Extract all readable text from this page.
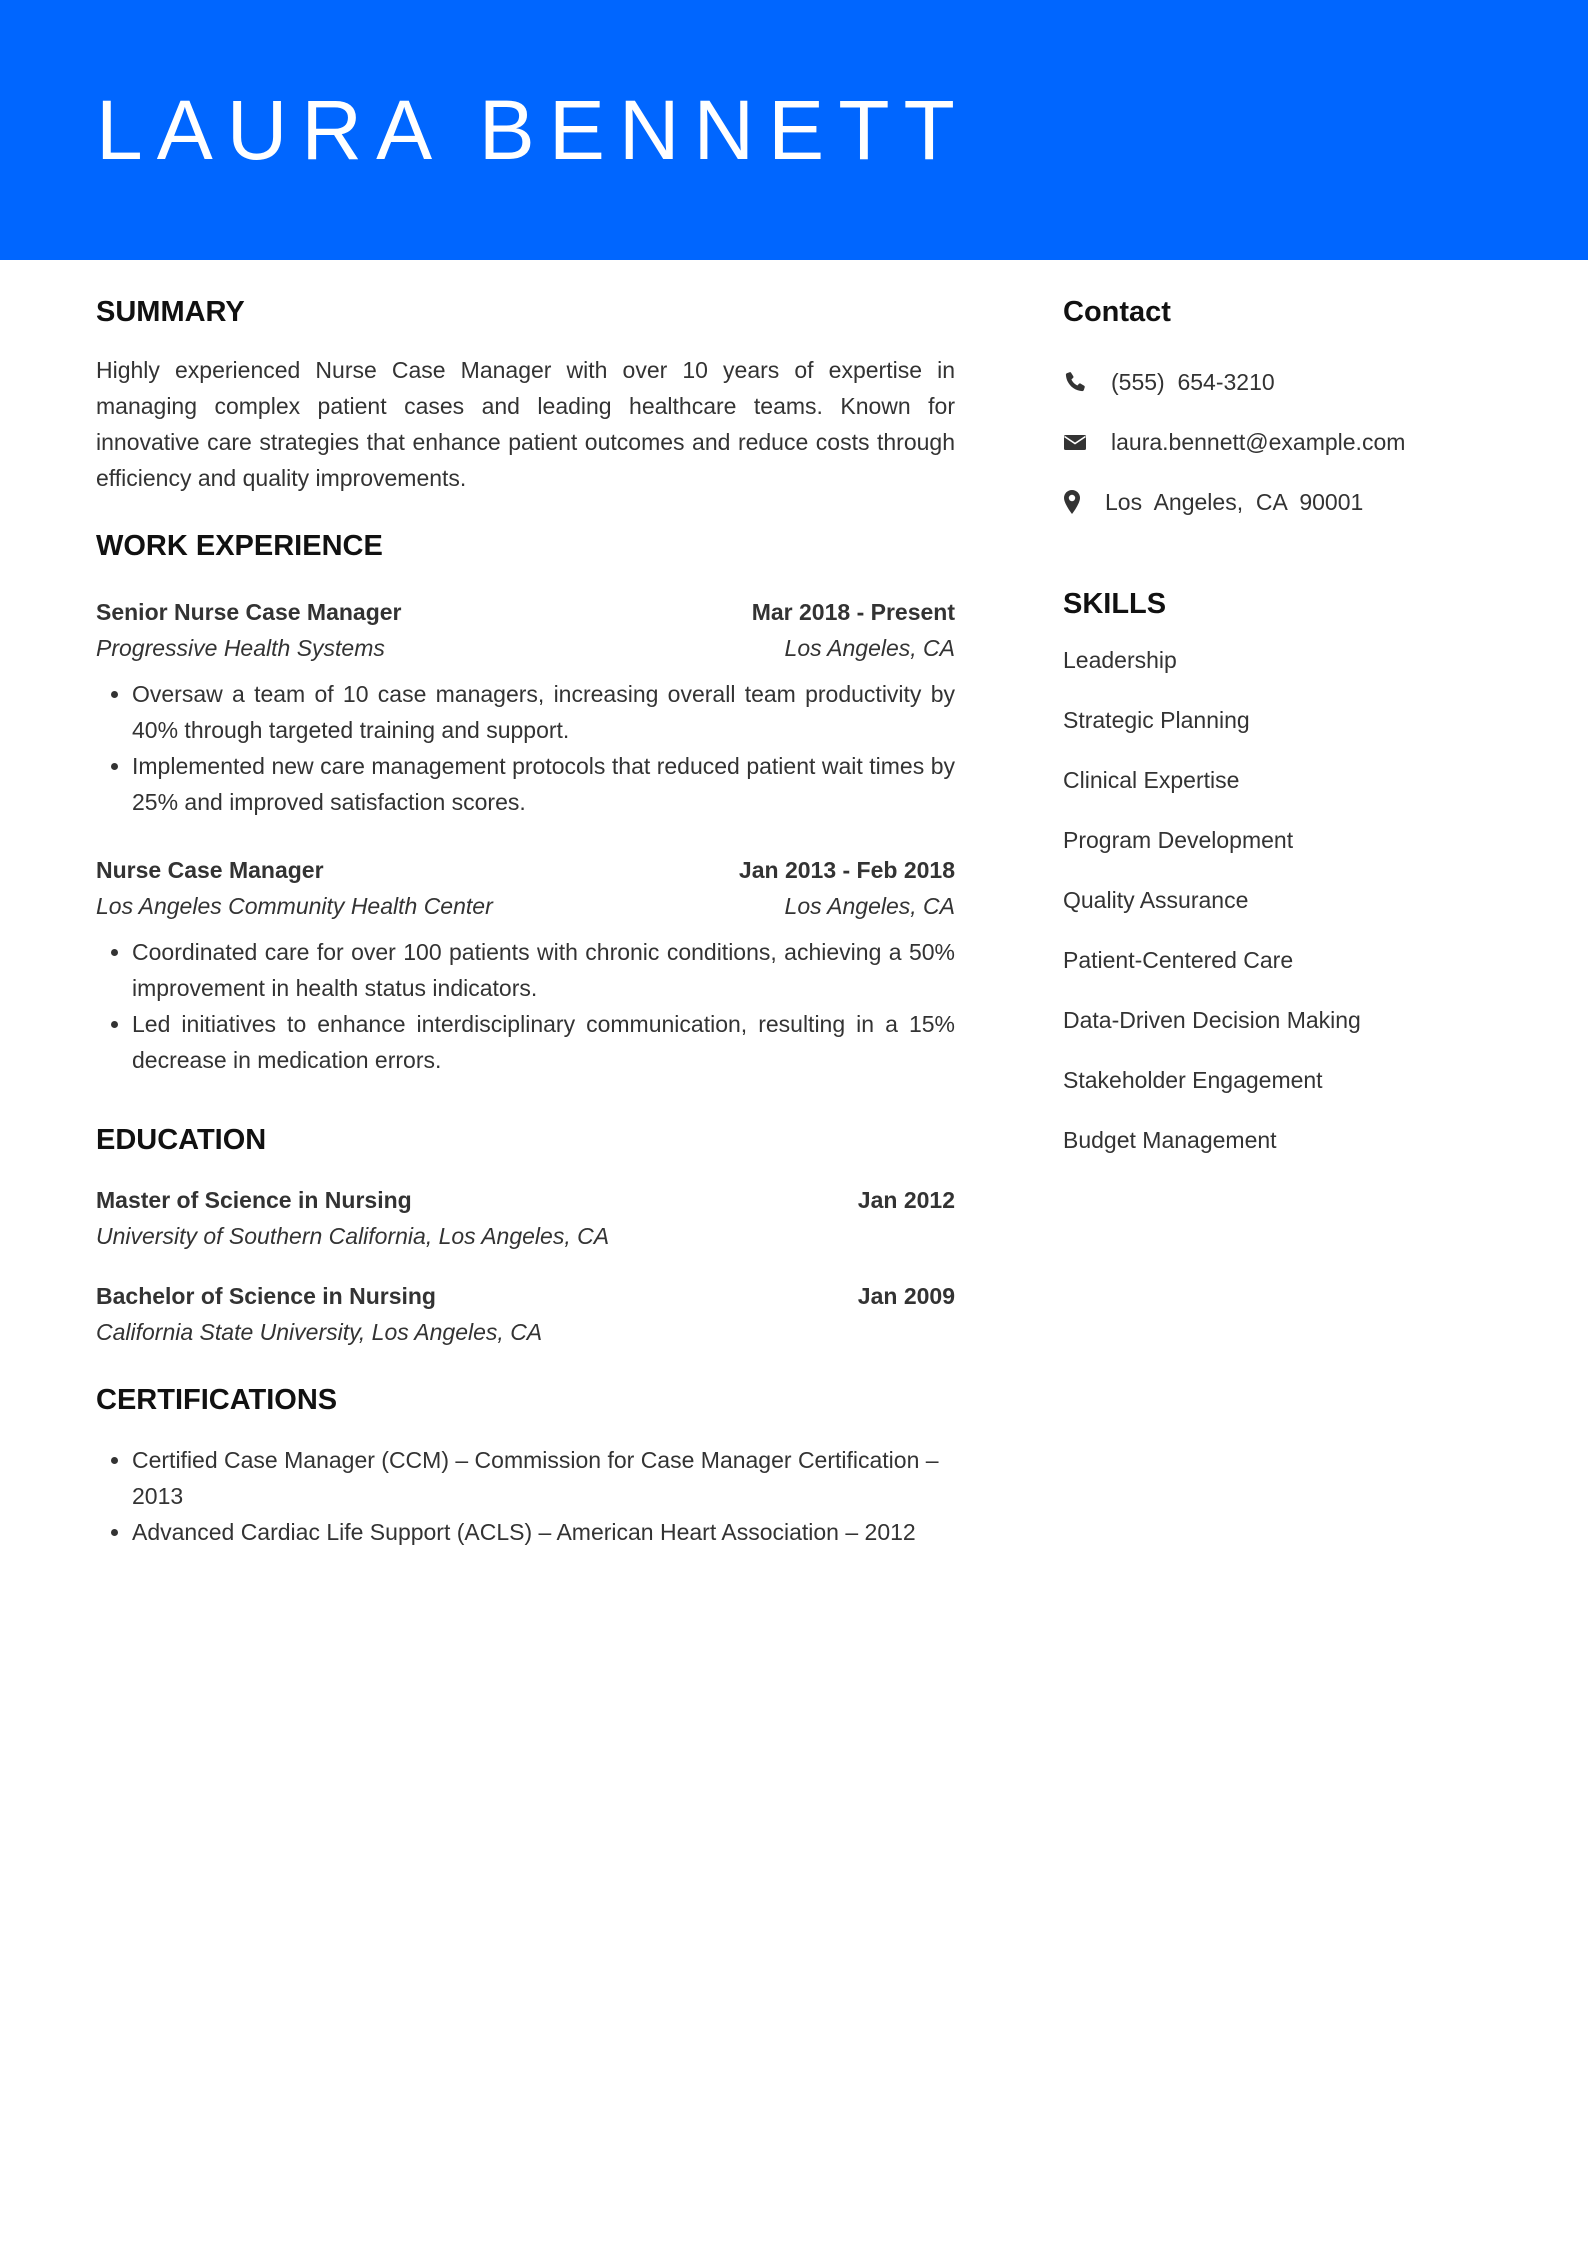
LAURA BENNETT
SUMMARY

Highly experienced Nurse Case Manager with over 10 years of expertise in managing complex patient cases and leading healthcare teams. Known for innovative care strategies that enhance patient outcomes and reduce costs through efficiency and quality improvements.

WORK EXPERIENCE
Senior Nurse Case Manager	Mar 2018 - Present
Progressive Health Systems	Los Angeles, CA
• Oversaw a team of 10 case managers, increasing overall team productivity by 40% through targeted training and support.
• Implemented new care management protocols that reduced patient wait times by 25% and improved satisfaction scores.
Nurse Case Manager	Jan 2013 - Feb 2018
Los Angeles Community Health Center	Los Angeles, CA
• Coordinated care for over 100 patients with chronic conditions, achieving a 50% improvement in health status indicators.
• Led initiatives to enhance interdisciplinary communication, resulting in a 15% decrease in medication errors.
EDUCATION
Master of Science in Nursing	Jan 2012
University of Southern California, Los Angeles, CA
Bachelor of Science in Nursing	Jan 2009
California State University, Los Angeles, CA
CERTIFICATIONS
• Certified Case Manager (CCM) – Commission for Case Manager Certification – 2013
• Advanced Cardiac Life Support (ACLS) – American Heart Association – 2012
Contact
(555)  654-3210
laura.bennett@example.com
Los  Angeles,  CA  90001
SKILLS
Leadership
Strategic Planning
Clinical Expertise
Program Development
Quality Assurance
Patient-Centered Care
Data-Driven Decision Making
Stakeholder Engagement
Budget Management
